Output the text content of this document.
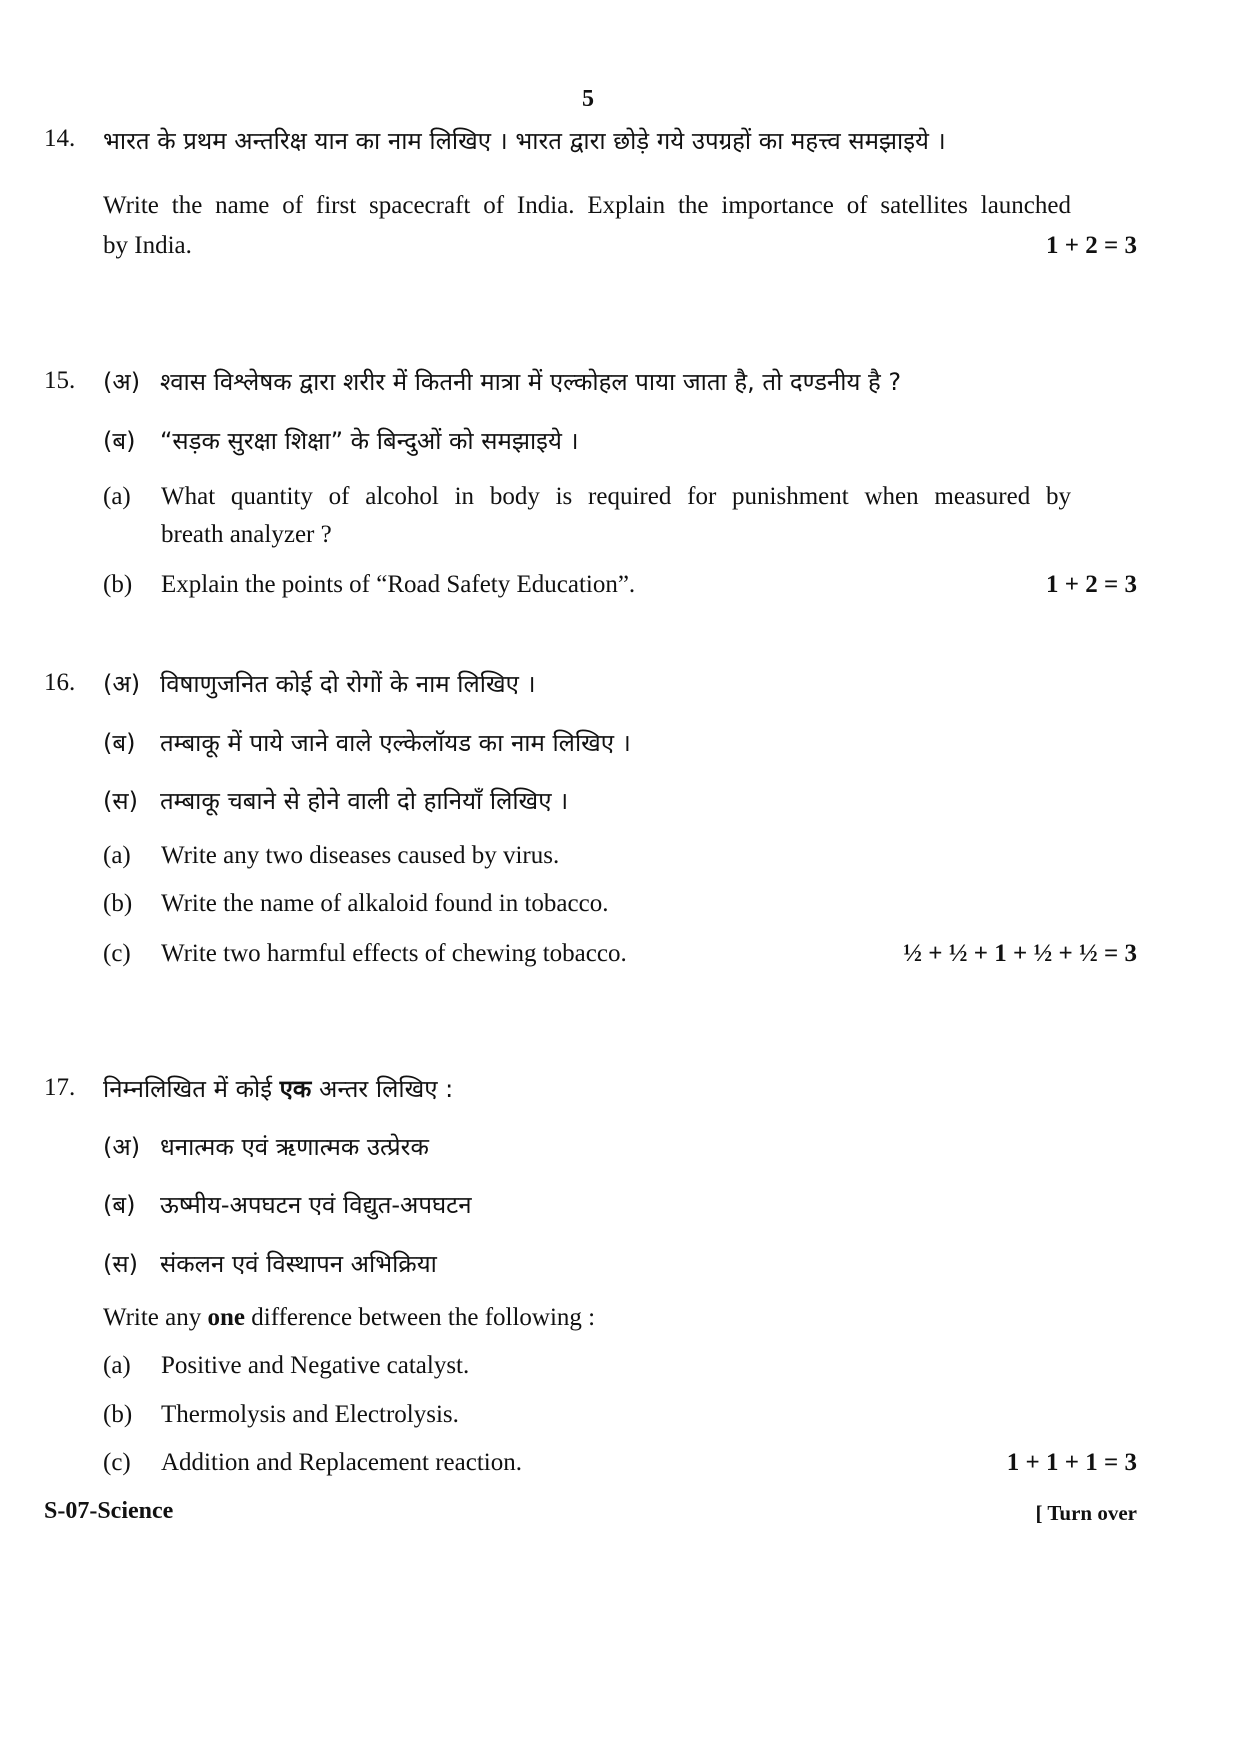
5
14. भारत के प्रथम अन्तरिक्ष यान का नाम लिखिए । भारत द्वारा छोड़े गये उपग्रहों का महत्त्व समझाइये ।
Write the name of first spacecraft of India. Explain the importance of satellites launched
by India.	1 + 2 = 3
15. (अ) श्वास विश्लेषक द्वारा शरीर में कितनी मात्रा में एल्कोहल पाया जाता है, तो दण्डनीय है ?
(ब) “सड़क सुरक्षा शिक्षा” के बिन्दुओं को समझाइये ।
(a) What quantity of alcohol in body is required for punishment when measured by
breath analyzer ?
(b) Explain the points of “Road Safety Education”.	1 + 2 = 3
16. (अ) विषाणुजनित कोई दो रोगों के नाम लिखिए ।
(ब) तम्बाकू में पाये जाने वाले एल्केलॉयड का नाम लिखिए ।
(स) तम्बाकू चबाने से होने वाली दो हानियाँ लिखिए ।
(a) Write any two diseases caused by virus.
(b) Write the name of alkaloid found in tobacco.
(c) Write two harmful effects of chewing tobacco.	½ + ½ + 1 + ½ + ½ = 3
17. निम्नलिखित में कोई एक अन्तर लिखिए :
(अ) धनात्मक एवं ऋणात्मक उत्प्रेरक
(ब) ऊष्मीय-अपघटन एवं विद्युत-अपघटन
(स) संकलन एवं विस्थापन अभिक्रिया
Write any one difference between the following :
(a) Positive and Negative catalyst.
(b) Thermolysis and Electrolysis.
(c) Addition and Replacement reaction.	1 + 1 + 1 = 3
S-07-Science	[ Turn over
